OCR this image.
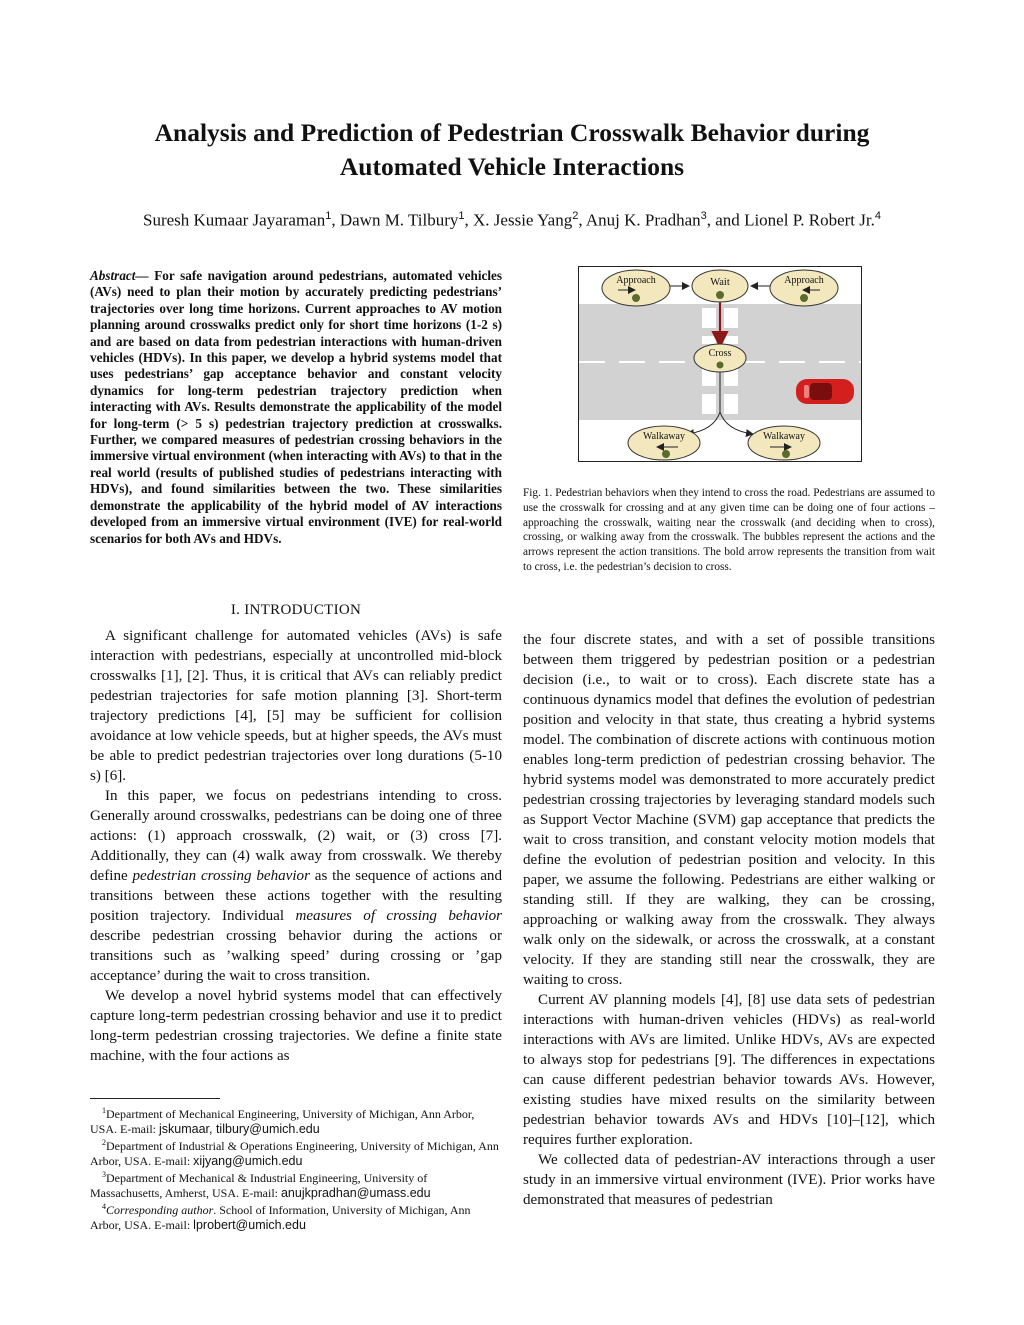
Analysis and Prediction of Pedestrian Crosswalk Behavior during Automated Vehicle Interactions
Suresh Kumaar Jayaraman$^1$, Dawn M. Tilbury$^1$, X. Jessie Yang$^2$, Anuj K. Pradhan$^3$, and Lionel P. Robert Jr.$^4$
Abstract— For safe navigation around pedestrians, automated vehicles (AVs) need to plan their motion by accurately predicting pedestrians’ trajectories over long time horizons. Current approaches to AV motion planning around crosswalks predict only for short time horizons (1-2 s) and are based on data from pedestrian interactions with human-driven vehicles (HDVs). In this paper, we develop a hybrid systems model that uses pedestrians’ gap acceptance behavior and constant velocity dynamics for long-term pedestrian trajectory prediction when interacting with AVs. Results demonstrate the applicability of the model for long-term (> 5 s) pedestrian trajectory prediction at crosswalks. Further, we compared measures of pedestrian crossing behaviors in the immersive virtual environment (when interacting with AVs) to that in the real world (results of published studies of pedestrians interacting with HDVs), and found similarities between the two. These similarities demonstrate the applicability of the hybrid model of AV interactions developed from an immersive virtual environment (IVE) for real-world scenarios for both AVs and HDVs.
Approach	Wait	Approach
Cross
Walkaway	Walkaway
Fig. 1. Pedestrian behaviors when they intend to cross the road. Pedestrians are assumed to use the crosswalk for crossing and at any given time can be doing one of four actions – approaching the crosswalk, waiting near the crosswalk (and deciding when to cross), crossing, or walking away from the crosswalk. The bubbles represent the actions and the arrows represent the action transitions. The bold arrow represents the transition from wait to cross, i.e. the pedestrian’s decision to cross.
I. INTRODUCTION

A significant challenge for automated vehicles (AVs) is safe interaction with pedestrians, especially at uncontrolled mid-block crosswalks [1], [2]. Thus, it is critical that AVs can reliably predict pedestrian trajectories for safe motion planning [3]. Short-term trajectory predictions [4], [5] may be sufficient for collision avoidance at low vehicle speeds, but at higher speeds, the AVs must be able to predict pedestrian trajectories over long durations (5-10 s) [6].

In this paper, we focus on pedestrians intending to cross. Generally around crosswalks, pedestrians can be doing one of three actions: (1) approach crosswalk, (2) wait, or (3) cross [7]. Additionally, they can (4) walk away from crosswalk. We thereby define pedestrian crossing behavior as the sequence of actions and transitions between these actions together with the resulting position trajectory. Individual measures of crossing behavior describe pedestrian crossing behavior during the actions or transitions such as ’walking speed’ during crossing or ’gap acceptance’ during the wait to cross transition.

We develop a novel hybrid systems model that can effectively capture long-term pedestrian crossing behavior and use it to predict long-term pedestrian crossing trajectories. We define a finite state machine, with the four actions as

$^1$Department of Mechanical Engineering, University of Michigan, Ann Arbor, USA. E-mail: jskumaar, tilbury@umich.edu

$^2$Department of Industrial & Operations Engineering, University of Michigan, Ann Arbor, USA. E-mail: xijyang@umich.edu

$^3$Department of Mechanical & Industrial Engineering, University of Massachusetts, Amherst, USA. E-mail: anujkpradhan@umass.edu

$^4$Corresponding author. School of Information, University of Michigan, Ann Arbor, USA. E-mail: lprobert@umich.edu

the four discrete states, and with a set of possible transitions between them triggered by pedestrian position or a pedestrian decision (i.e., to wait or to cross). Each discrete state has a continuous dynamics model that defines the evolution of pedestrian position and velocity in that state, thus creating a hybrid systems model. The combination of discrete actions with continuous motion enables long-term prediction of pedestrian crossing behavior. The hybrid systems model was demonstrated to more accurately predict pedestrian crossing trajectories by leveraging standard models such as Support Vector Machine (SVM) gap acceptance that predicts the wait to cross transition, and constant velocity motion models that define the evolution of pedestrian position and velocity. In this paper, we assume the following. Pedestrians are either walking or standing still. If they are walking, they can be crossing, approaching or walking away from the crosswalk. They always walk only on the sidewalk, or across the crosswalk, at a constant velocity. If they are standing still near the crosswalk, they are waiting to cross.

Current AV planning models [4], [8] use data sets of pedestrian interactions with human-driven vehicles (HDVs) as real-world interactions with AVs are limited. Unlike HDVs, AVs are expected to always stop for pedestrians [9]. The differences in expectations can cause different pedestrian behavior towards AVs. However, existing studies have mixed results on the similarity between pedestrian behavior towards AVs and HDVs [10]–[12], which requires further exploration.

We collected data of pedestrian-AV interactions through a user study in an immersive virtual environment (IVE). Prior works have demonstrated that measures of pedestrian
